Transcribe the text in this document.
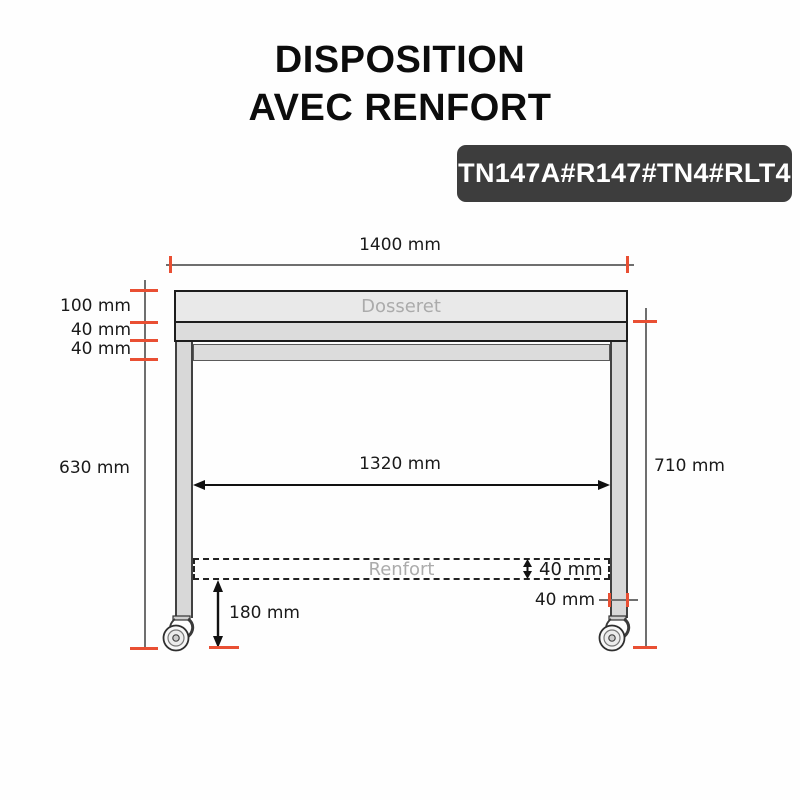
DISPOSITION
AVEC RENFORT
TN147A#R147#TN4#RLT4
1400 mm
Dosseret
100 mm
40 mm
40 mm
630 mm	710 mm
1320 mm
Renfort	40 mm
40 mm
180 mm
